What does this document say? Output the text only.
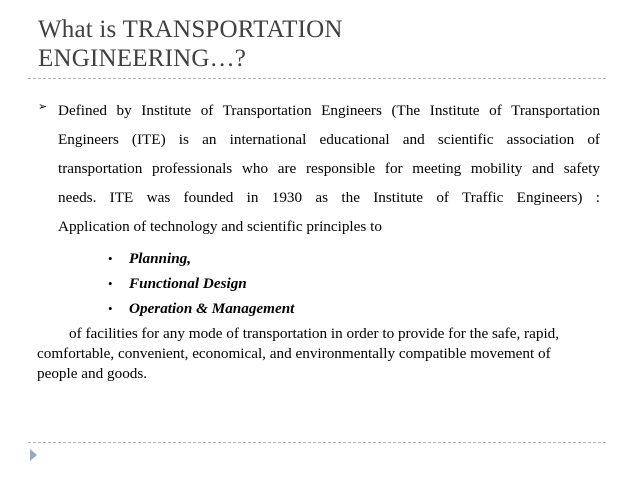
What is TRANSPORTATION
ENGINEERING…?
➢ Defined by Institute of Transportation Engineers (The Institute of Transportation
Engineers (ITE) is an international educational and scientific association of
transportation professionals who are responsible for meeting mobility and safety
needs. ITE was founded in 1930 as the Institute of Traffic Engineers) :
Application of technology and scientific principles to
• Planning,
• Functional Design
• Operation & Management
of facilities for any mode of transportation in order to provide for the safe, rapid,
comfortable, convenient, economical, and environmentally compatible movement of
people and goods.
